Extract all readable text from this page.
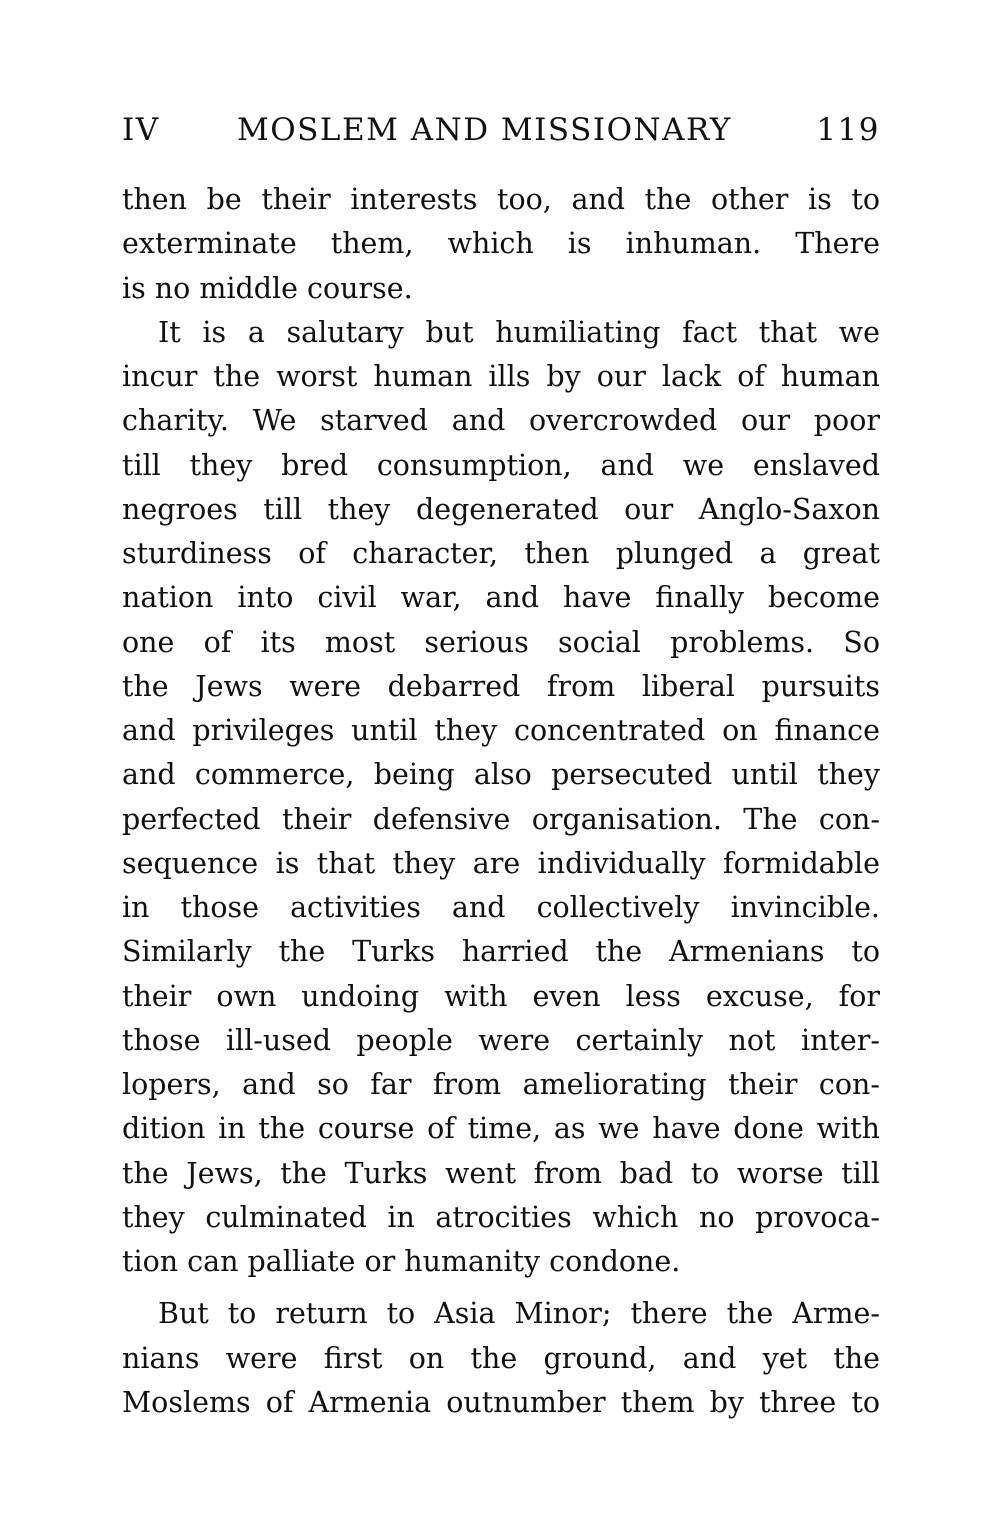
IV MOSLEM AND MISSIONARY	119
then be their interests too, and the other is to
exterminate them, which is inhuman. There
is no middle course.
It is a salutary but humiliating fact that we
incur the worst human ills by our lack of human
charity. We starved and overcrowded our poor
till they bred consumption, and we enslaved
negroes till they degenerated our Anglo-Saxon
sturdiness of character, then plunged a great
nation into civil war, and have finally become
one of its most serious social problems. So
the Jews were debarred from liberal pursuits
and privileges until they concentrated on finance
and commerce, being also persecuted until they
perfected their defensive organisation. The con-
sequence is that they are individually formidable
in those activities and collectively invincible.
Similarly the Turks harried the Armenians to
their own undoing with even less excuse, for
those ill-used people were certainly not inter-
lopers, and so far from ameliorating their con-
dition in the course of time, as we have done with
the Jews, the Turks went from bad to worse till
they culminated in atrocities which no provoca-
tion can palliate or humanity condone.
But to return to Asia Minor; there the Arme-
nians were first on the ground, and yet the
Moslems of Armenia outnumber them by three to
